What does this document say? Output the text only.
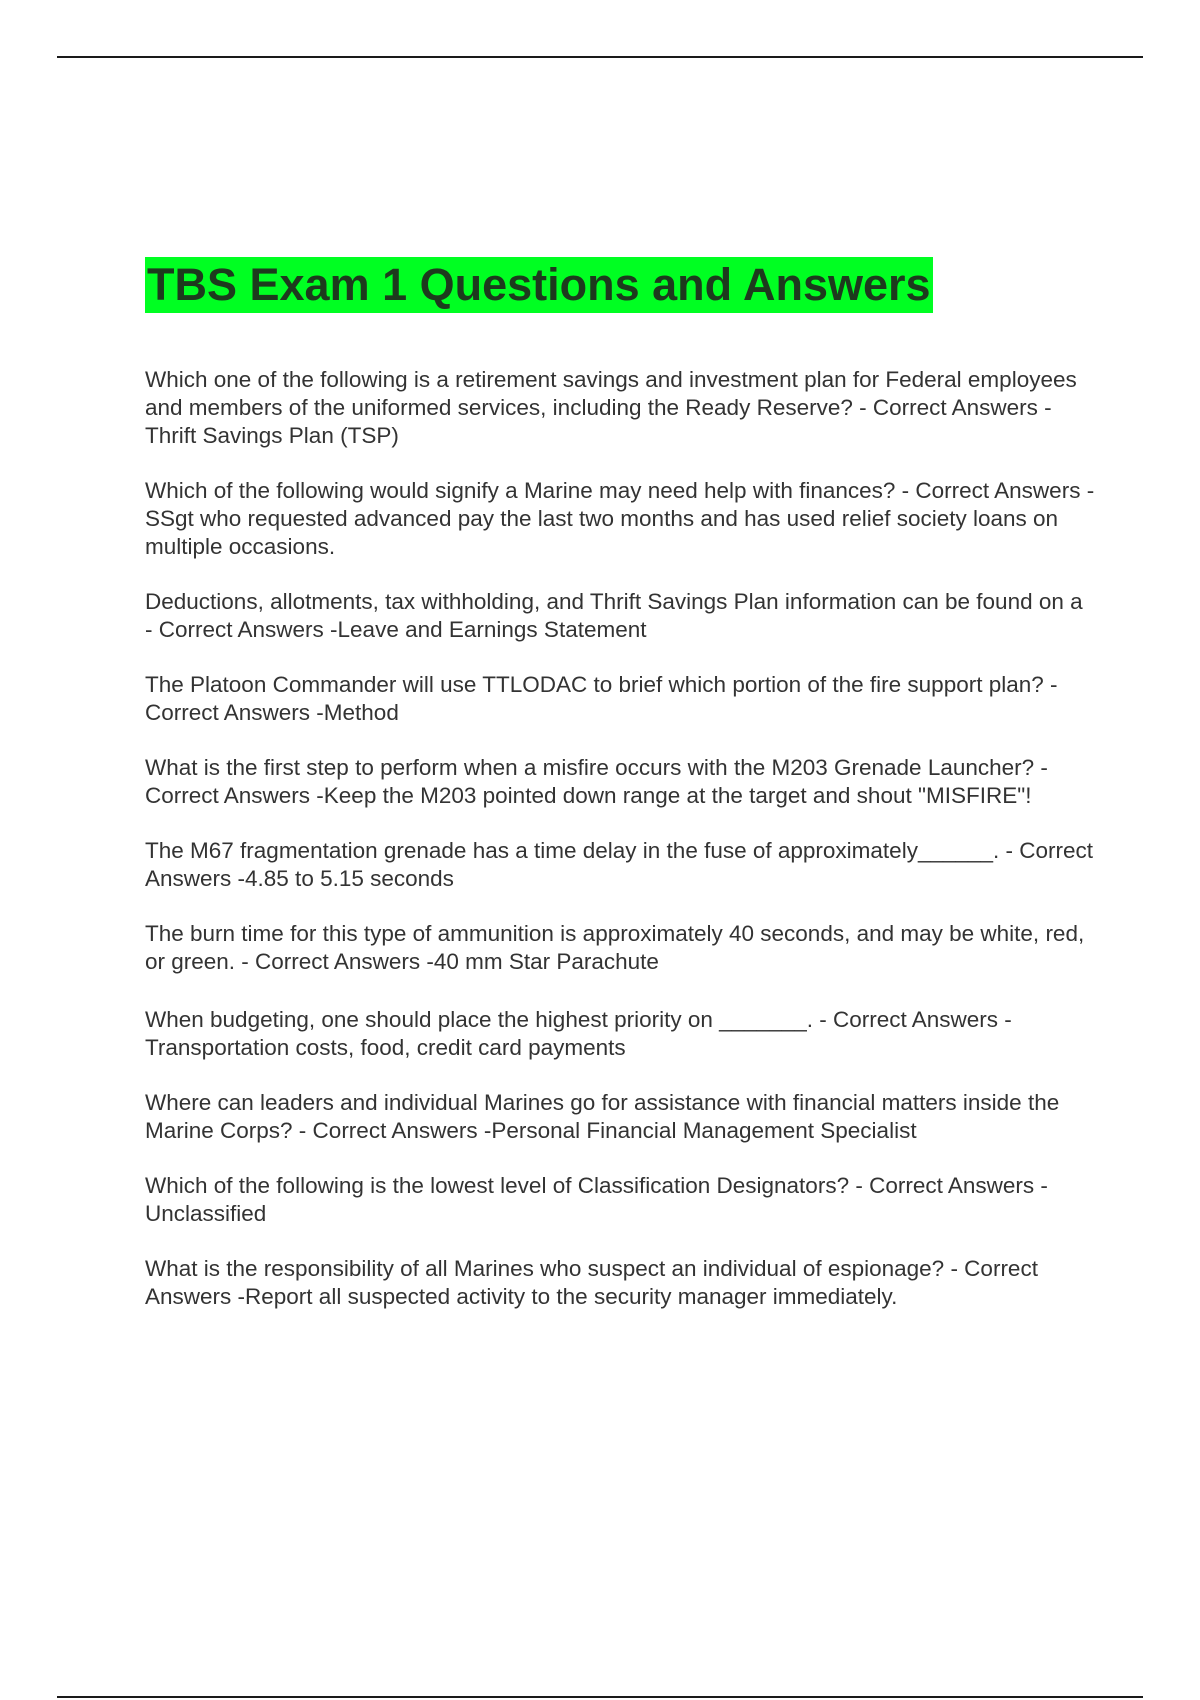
TBS Exam 1 Questions and Answers

Which one of the following is a retirement savings and investment plan for Federal employees and members of the uniformed services, including the Ready Reserve? - Correct Answers -Thrift Savings Plan (TSP)

Which of the following would signify a Marine may need help with finances? - Correct Answers -SSgt who requested advanced pay the last two months and has used relief society loans on multiple occasions.

Deductions, allotments, tax withholding, and Thrift Savings Plan information can be found on a - Correct Answers -Leave and Earnings Statement

The Platoon Commander will use TTLODAC to brief which portion of the fire support plan? - Correct Answers -Method

What is the first step to perform when a misfire occurs with the M203 Grenade Launcher? - Correct Answers -Keep the M203 pointed down range at the target and shout "MISFIRE"!

The M67 fragmentation grenade has a time delay in the fuse of approximately______. - Correct Answers -4.85 to 5.15 seconds

The burn time for this type of ammunition is approximately 40 seconds, and may be white, red, or green. - Correct Answers -40 mm Star Parachute

When budgeting, one should place the highest priority on _______. - Correct Answers -Transportation costs, food, credit card payments

Where can leaders and individual Marines go for assistance with financial matters inside the Marine Corps? - Correct Answers -Personal Financial Management Specialist

Which of the following is the lowest level of Classification Designators? - Correct Answers -Unclassified

What is the responsibility of all Marines who suspect an individual of espionage? - Correct Answers -Report all suspected activity to the security manager immediately.
